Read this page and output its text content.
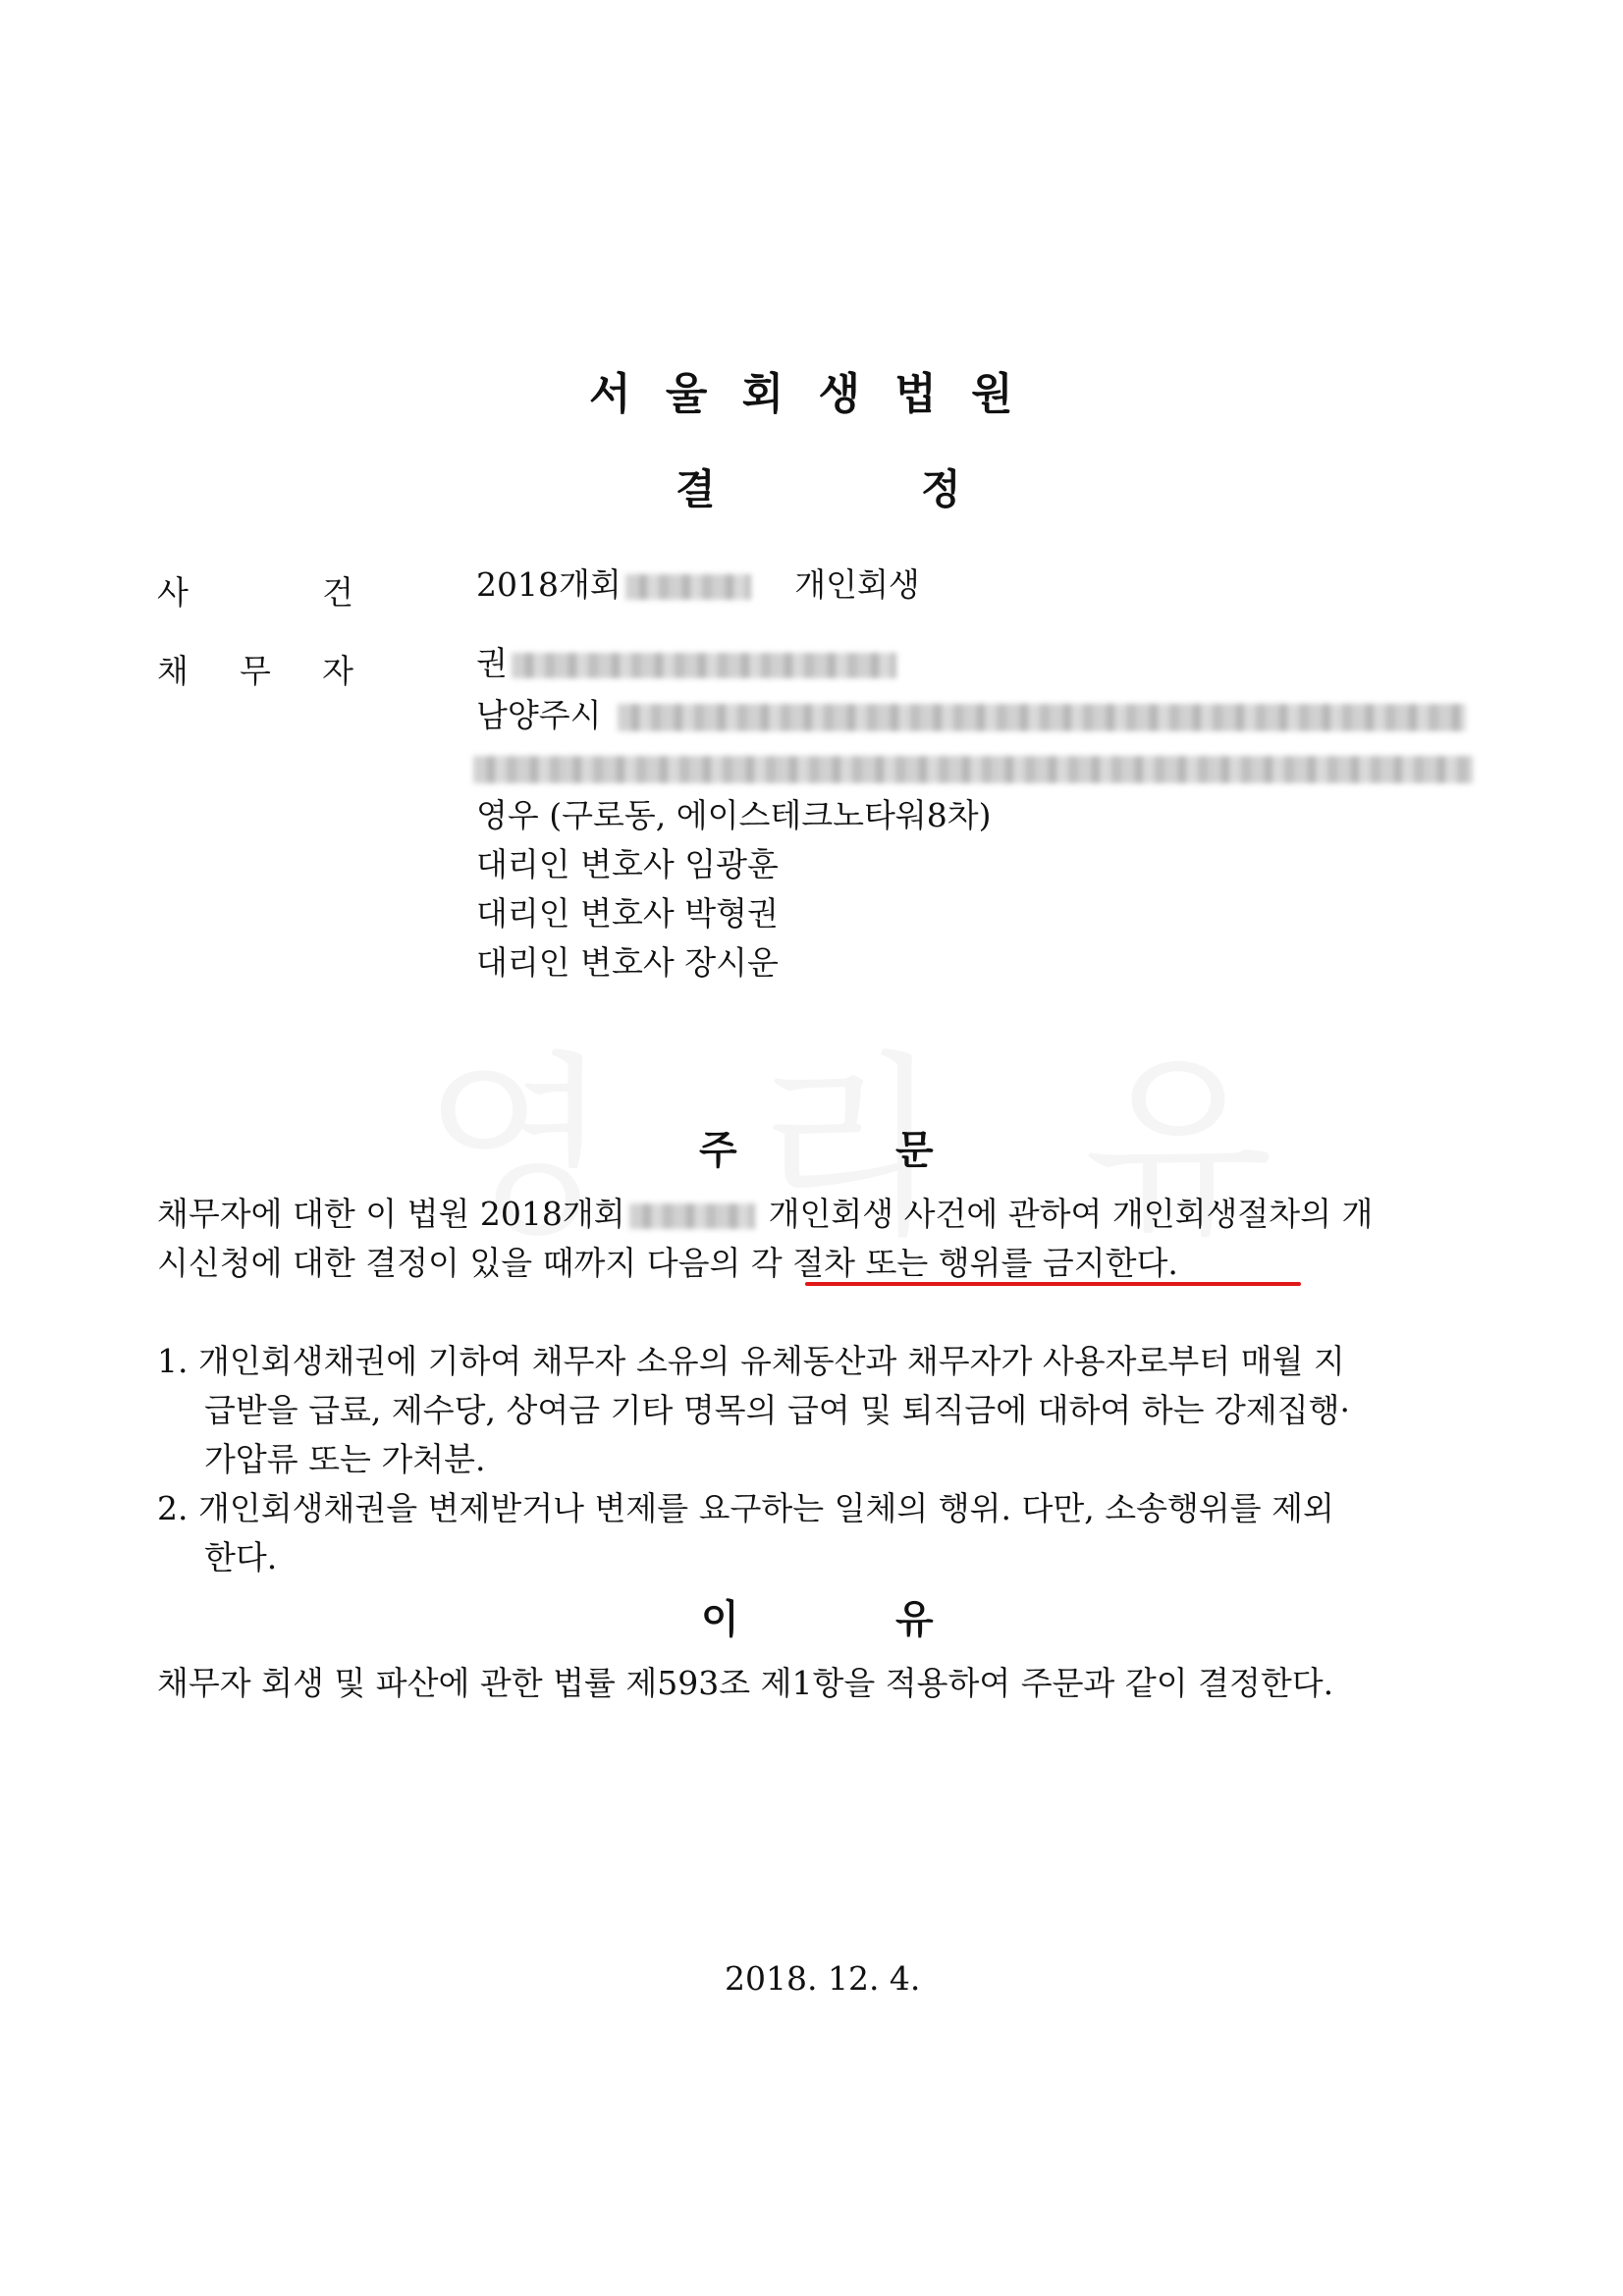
서 울 회 생 법 원
결	정
사	건	2018개회	개인회생
채 무 자	권
남양주시
영우 (구로동, 에이스테크노타워8차)
대리인 변호사 임광훈
대리인 변호사 박형권
대리인 변호사 장시운
주	문
채무자에 대한 이 법원 2018개회	개인회생 사건에 관하여 개인회생절차의 개
시신청에 대한 결정이 있을 때까지 다음의 각 절차 또는 행위를 금지한다.
1. 개인회생채권에 기하여 채무자 소유의 유체동산과 채무자가 사용자로부터 매월 지
급받을 급료, 제수당, 상여금 기타 명목의 급여 및 퇴직금에 대하여 하는 강제집행·
가압류 또는 가처분.
2. 개인회생채권을 변제받거나 변제를 요구하는 일체의 행위. 다만, 소송행위를 제외
한다.
이	유
채무자 회생 및 파산에 관한 법률 제593조 제1항을 적용하여 주문과 같이 결정한다.
2018. 12. 4.
